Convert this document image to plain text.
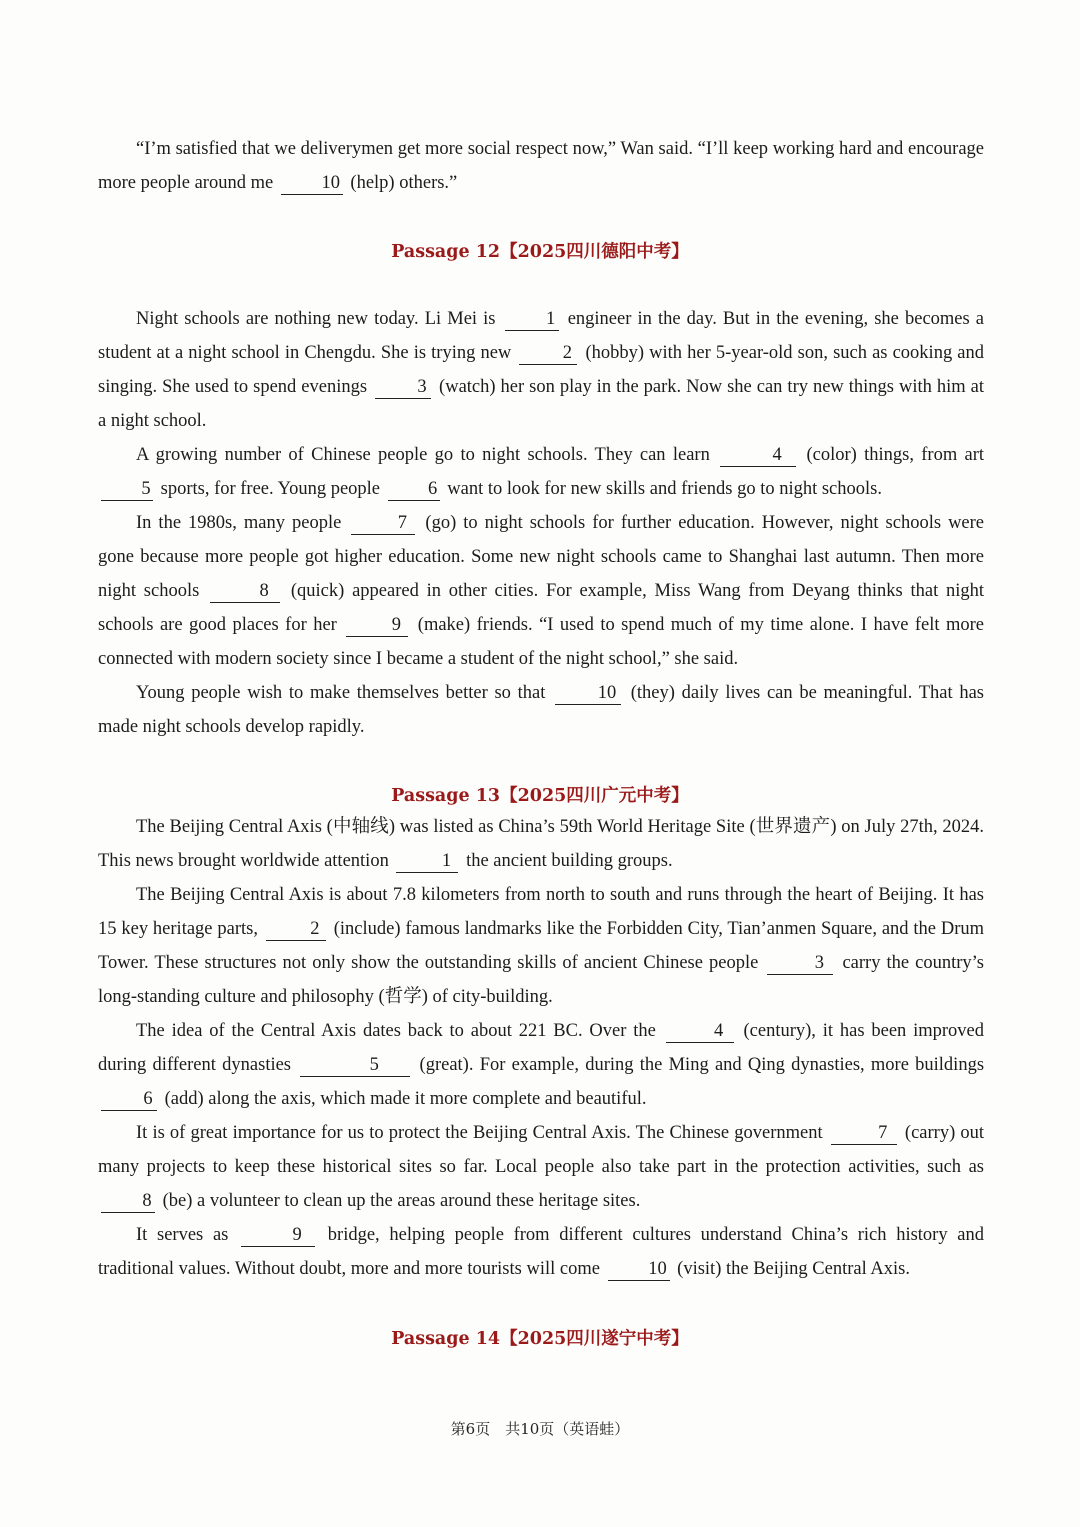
“I’m satisfied that we deliverymen get more social respect now,” Wan said. “I’ll keep working hard and encourage more people around me	10 (help) others.”

Passage 12【2025四川德阳中考】

Night schools are nothing new today. Li Mei is	1 engineer in the day. But in the evening, she becomes a student at a night school in Chengdu. She is trying new	2 (hobby) with her 5-year-old son, such as cooking and singing. She used to spend evenings	3 (watch) her son play in the park. Now she can try new things with him at a night school.

A growing number of Chinese people go to night schools. They can learn	4 (color) things, from art 5 sports, for free. Young people	6 want to look for new skills and friends go to night schools.

In the 1980s, many people	7 (go) to night schools for further education. However, night schools were gone because more people got higher education. Some new night schools came to Shanghai last autumn. Then more night schools	8 (quick) appeared in other cities. For example, Miss Wang from Deyang thinks that night schools are good places for her	9 (make) friends. “I used to spend much of my time alone. I have felt more connected with modern society since I became a student of the night school,” she said.

Young people wish to make themselves better so that	10 (they) daily lives can be meaningful. That has made night schools develop rapidly.

Passage 13【2025四川广元中考】

The Beijing Central Axis (中轴线) was listed as China’s 59th World Heritage Site (世界遗产) on July 27th, 2024. This news brought worldwide attention	1 the ancient building groups.

The Beijing Central Axis is about 7.8 kilometers from north to south and runs through the heart of Beijing. It has 15 key heritage parts,	2 (include) famous landmarks like the Forbidden City, Tian’anmen Square, and the Drum Tower. These structures not only show the outstanding skills of ancient Chinese people	3 carry the country’s long-standing culture and philosophy (哲学) of city-building.

The idea of the Central Axis dates back to about 221 BC. Over the	4 (century), it has been improved during different dynasties	5 (great). For example, during the Ming and Qing dynasties, more buildings 6 (add) along the axis, which made it more complete and beautiful.

It is of great importance for us to protect the Beijing Central Axis. The Chinese government	7 (carry) out many projects to keep these historical sites so far. Local people also take part in the protection activities, such as 8 (be) a volunteer to clean up the areas around these heritage sites.

It serves as	9 bridge, helping people from different cultures understand China’s rich history and traditional values. Without doubt, more and more tourists will come	10 (visit) the Beijing Central Axis.

Passage 14【2025四川遂宁中考】
第6页　共10页（英语蛙）
